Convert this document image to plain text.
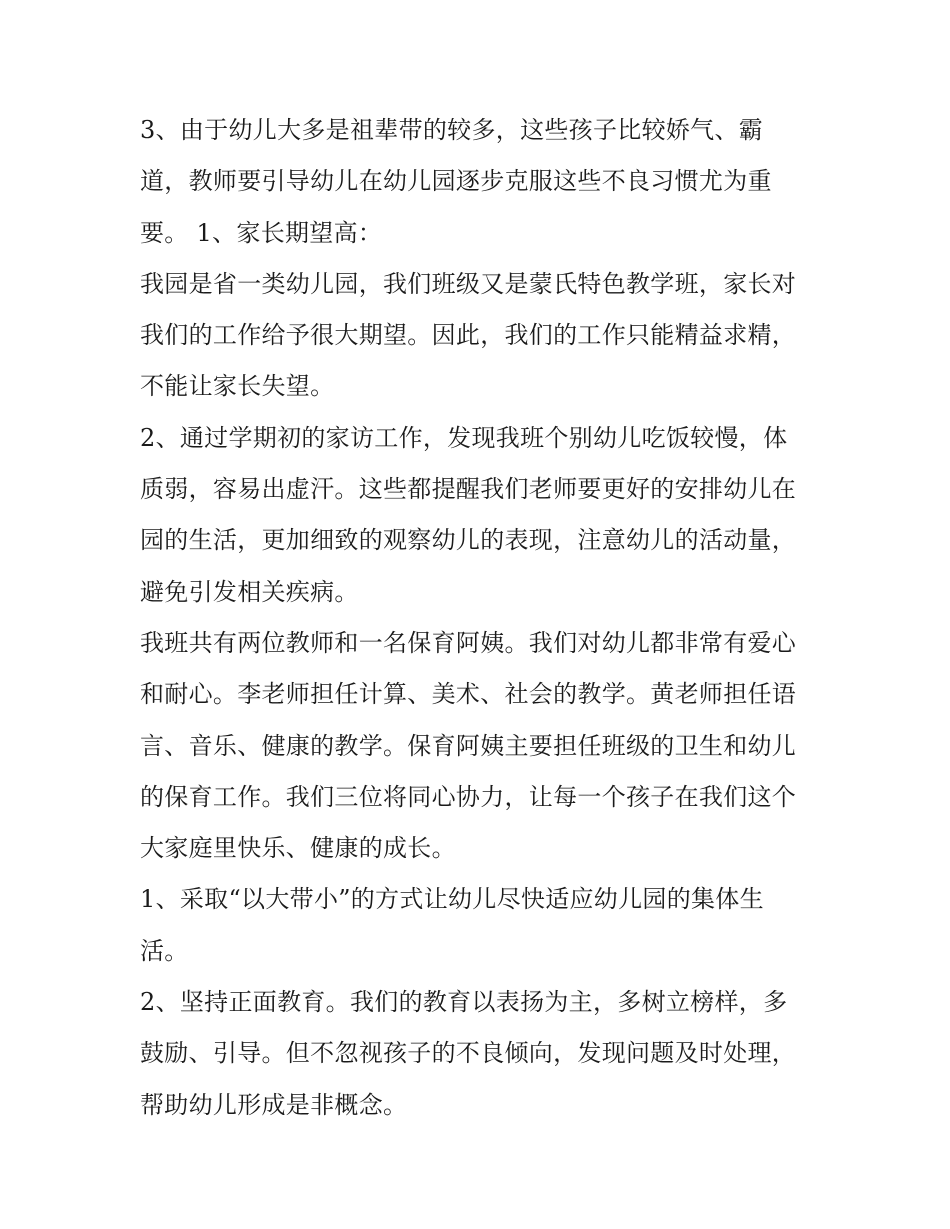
3、由于幼儿大多是祖辈带的较多，这些孩子比较娇气、霸
道，教师要引导幼儿在幼儿园逐步克服这些不良习惯尤为重
要。 1、家长期望高：
我园是省一类幼儿园，我们班级又是蒙氏特色教学班，家长对
我们的工作给予很大期望。因此，我们的工作只能精益求精，
不能让家长失望。
2、通过学期初的家访工作，发现我班个别幼儿吃饭较慢，体
质弱，容易出虚汗。这些都提醒我们老师要更好的安排幼儿在
园的生活，更加细致的观察幼儿的表现，注意幼儿的活动量，
避免引发相关疾病。
我班共有两位教师和一名保育阿姨。我们对幼儿都非常有爱心
和耐心。李老师担任计算、美术、社会的教学。黄老师担任语
言、音乐、健康的教学。保育阿姨主要担任班级的卫生和幼儿
的保育工作。我们三位将同心协力，让每一个孩子在我们这个
大家庭里快乐、健康的成长。
1、采取“以大带小”的方式让幼儿尽快适应幼儿园的集体生
活。
2、坚持正面教育。我们的教育以表扬为主，多树立榜样，多
鼓励、引导。但不忽视孩子的不良倾向，发现问题及时处理，
帮助幼儿形成是非概念。
